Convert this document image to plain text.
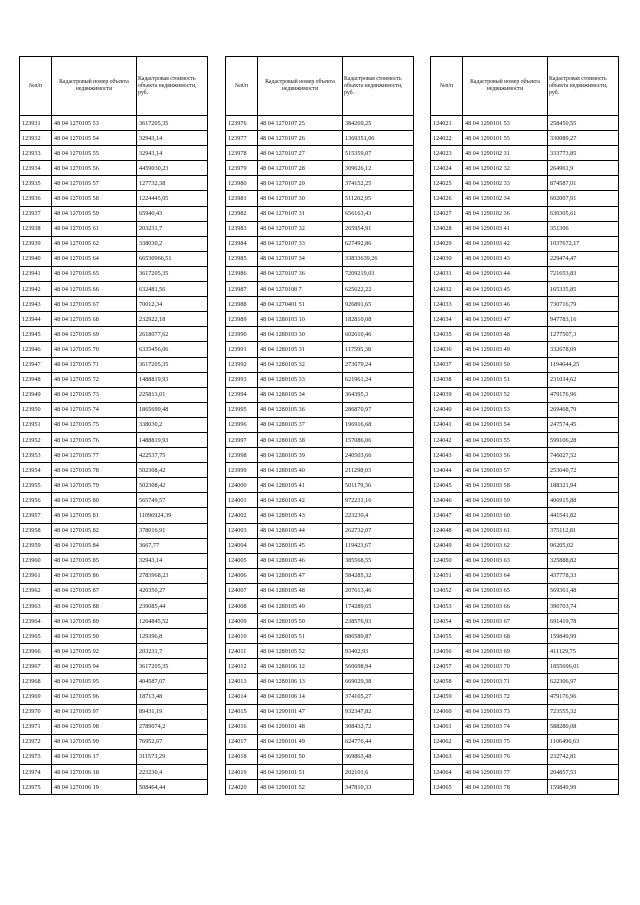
№п/п	Кадастровый номер объекта недвижимости	Кадастровая стоимость объекта недвижимости, руб.
123931	48 04 1270105 53	3617205,35
123932	48 04 1270105 54	32943,14
123933	48 04 1270105 55	32943,14
123934	48 04 1270105 56	4459030,23
123935	48 04 1270105 57	127732,38
123936	48 04 1270105 58	1224445,05
123937	48 04 1270105 59	65940,43
123938	48 04 1270105 61	203231,7
123939	48 04 1270105 62	338030,2
123940	48 04 1270105 64	66530966,51
123941	48 04 1270105 65	3617205,35
123942	48 04 1270105 66	632481,56
123943	48 04 1270105 67	70012,34
123944	48 04 1270105 68	232922,18
123945	48 04 1270105 69	2618077,62
123946	48 04 1270105 70	6335456,06
123947	48 04 1270105 71	3617205,35
123948	48 04 1270105 72	1488819,93
123949	48 04 1270105 73	225813,01
123950	48 04 1270105 74	1865699,48
123951	48 04 1270105 75	338030,2
123952	48 04 1270105 76	1488819,93
123953	48 04 1270105 77	422537,75
123954	48 04 1270105 78	502308,42
123955	48 04 1270105 79	502308,42
123956	48 04 1270105 80	565749,57
123957	48 04 1270105 81	11096924,39
123958	48 04 1270105 82	378016,91
123959	48 04 1270105 84	3667,77
123960	48 04 1270105 85	32943,14
123961	48 04 1270105 86	2783968,23
123962	48 04 1270105 87	420350,27
123963	48 04 1270105 88	239085,44
123964	48 04 1270105 89	1264845,52
123965	48 04 1270105 90	129396,8
123966	48 04 1270105 92	203231,7
123967	48 04 1270105 94	3617205,35
123968	48 04 1270105 95	404587,07
123969	48 04 1270105 96	18713,48
123970	48 04 1270105 97	89431,19
123971	48 04 1270105 98	2789074,2
123972	48 04 1270105 99	76952,07
123973	48 04 1270106 17	311573,29
123974	48 04 1270106 18	223230,4
123975	48 04 1270106 19	508464,44
№п/п	Кадастровый номер объекта недвижимости	Кадастровая стоимость объекта недвижимости, руб.
123976	48 04 1270107 25	384269,25
123977	48 04 1270107 26	1369351,06
123978	48 04 1270107 27	515359,07
123979	48 04 1270107 28	309626,12
123980	48 04 1270107 29	374152,25
123981	48 04 1270107 30	511202,95
123982	48 04 1270107 31	656163,43
123983	48 04 1270107 32	265954,91
123984	48 04 1270107 33	627492,86
123985	48 04 1270107 34	33833639,26
123986	48 04 1270107 36	7209219,03
123987	48 04 1270108 7	625622,22
123988	48 04 1270401 51	926891,65
123989	48 04 1280103 10	182810,08
123990	48 04 1280103 30	602610,46
123991	48 04 1280105 31	117595,38
123992	48 04 1280105 32	273679,24
123993	48 04 1280105 33	621961,24
123994	48 04 1280105 34	364395,3
123995	48 04 1280105 36	286870,97
123996	48 04 1280105 37	196916,68
123997	48 04 1280105 38	157086,06
123998	48 04 1280105 39	240503,66
123999	48 04 1280105 40	211298,03
124000	48 04 1280105 41	501179,36
124001	48 04 1280105 42	972231,16
124002	48 04 1280105 43	223230,4
124003	48 04 1280105 44	262732,07
124004	48 04 1280105 45	119423,67
124005	48 04 1280105 46	385568,55
124006	48 04 1280105 47	584285,32
124007	48 04 1280105 48	207613,46
124008	48 04 1280105 49	174289,65
124009	48 04 1280105 50	238576,93
124010	48 04 1280105 51	886589,87
124011	48 04 1280105 52	93402,93
124012	48 04 1280106 12	560698,94
124013	48 04 1280106 13	669029,38
124014	48 04 1280106 14	374105,27
124015	48 04 1290101 47	932347,82
124016	48 04 1290101 48	308432,72
124017	48 04 1290101 49	624776,44
124018	48 04 1290101 50	369863,48
124019	48 04 1290101 51	202101,6
124020	48 04 1290101 52	347810,33
№п/п	Кадастровый номер объекта недвижимости	Кадастровая стоимость объекта недвижимости, руб.
124021	48 04 1290101 53	258450,55
124022	48 04 1290101 55	330089,27
124023	48 04 1290102 31	333773,85
124024	48 04 1290102 32	264961,9
124025	48 04 1290102 33	874587,01
124026	48 04 1290102 34	602007,91
124027	48 04 1290102 36	630305,61
124028	48 04 1290103 41	351306
124029	48 04 1290103 42	1037672,17
124030	48 04 1290103 43	229474,47
124031	48 04 1290103 44	721653,83
124032	48 04 1290103 45	165335,85
124033	48 04 1290103 46	730716,79
124034	48 04 1290103 47	947783,16
124035	48 04 1290103 48	1277507,3
124036	48 04 1290103 49	332678,09
124037	48 04 1290103 50	1194644,25
124038	48 04 1290103 51	231034,62
124039	48 04 1290103 52	479176,96
124040	48 04 1290103 53	269468,79
124041	48 04 1290103 54	247574,45
124042	48 04 1290103 55	599106,28
124043	48 04 1290103 56	746027,52
124044	48 04 1290103 57	253040,72
124045	48 04 1290103 58	188321,94
124046	48 04 1290103 59	406915,88
124047	48 04 1290103 60	441541,82
124048	48 04 1290103 61	375112,81
124049	48 04 1290103 62	96205,02
124050	48 04 1290103 63	325888,82
124051	48 04 1290103 64	437778,33
124052	48 04 1290103 65	569361,48
124053	48 04 1290103 66	396703,74
124054	48 04 1290103 67	691419,78
124055	48 04 1290103 68	159849,99
124056	48 04 1290103 69	411129,75
124057	48 04 1290103 70	1855696,01
124058	48 04 1290103 71	622306,97
124059	48 04 1290103 72	479176,96
124060	48 04 1290103 73	723555,32
124061	48 04 1290103 74	588280,08
124062	48 04 1290103 75	1106496,63
124063	48 04 1290103 76	232742,81
124064	48 04 1290103 77	204857,53
124065	48 04 1290103 78	159849,99
